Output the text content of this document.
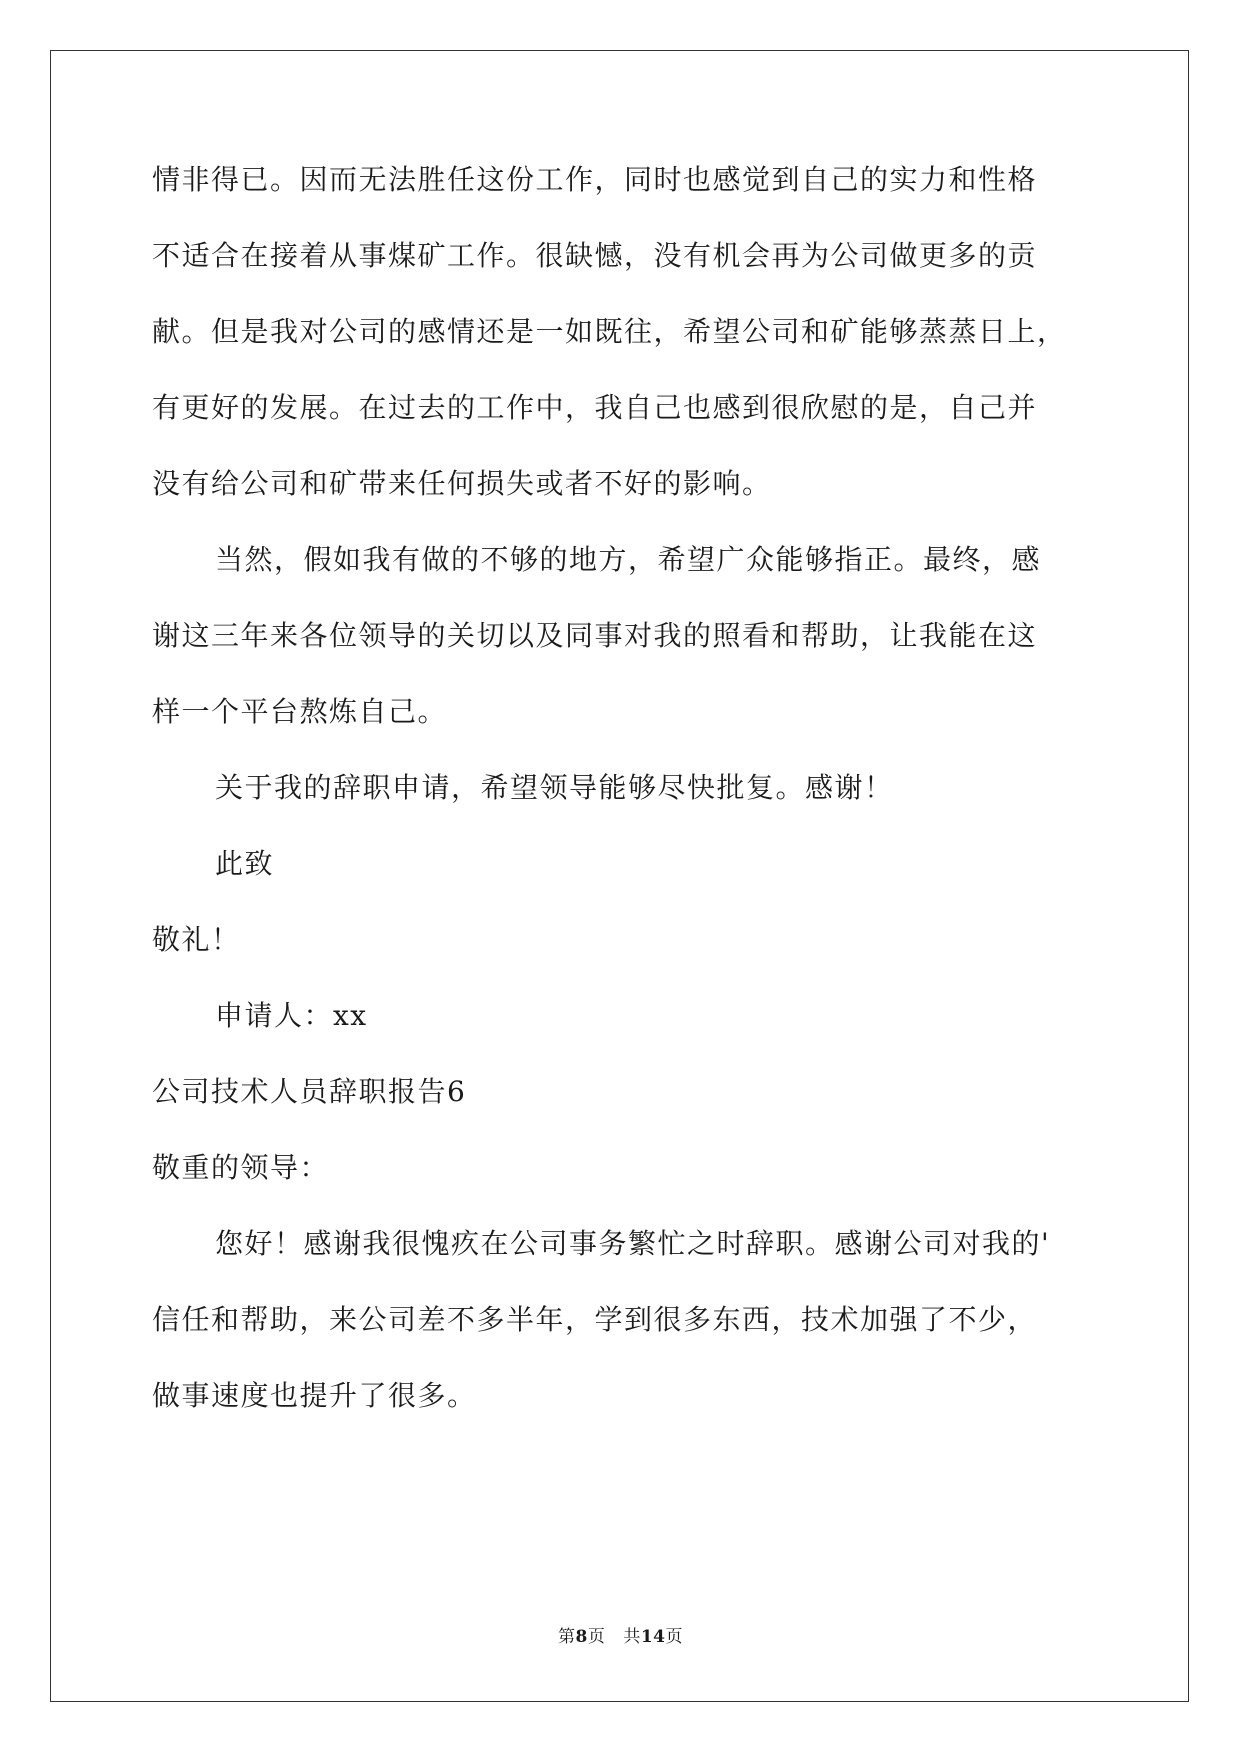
情非得已。因而无法胜任这份工作，同时也感觉到自己的实力和性格
不适合在接着从事煤矿工作。很缺憾，没有机会再为公司做更多的贡
献。但是我对公司的感情还是一如既往，希望公司和矿能够蒸蒸日上，
有更好的发展。在过去的工作中，我自己也感到很欣慰的是，自己并
没有给公司和矿带来任何损失或者不好的影响。
当然，假如我有做的不够的地方，希望广众能够指正。最终，感
谢这三年来各位领导的关切以及同事对我的照看和帮助，让我能在这
样一个平台熬炼自己。
关于我的辞职申请，希望领导能够尽快批复。感谢！
此致
敬礼！
申请人：xx
公司技术人员辞职报告6
敬重的领导：
您好！感谢我很愧疚在公司事务繁忙之时辞职。感谢公司对我的'
信任和帮助，来公司差不多半年，学到很多东西，技术加强了不少，
做事速度也提升了很多。
第8页 共14页
